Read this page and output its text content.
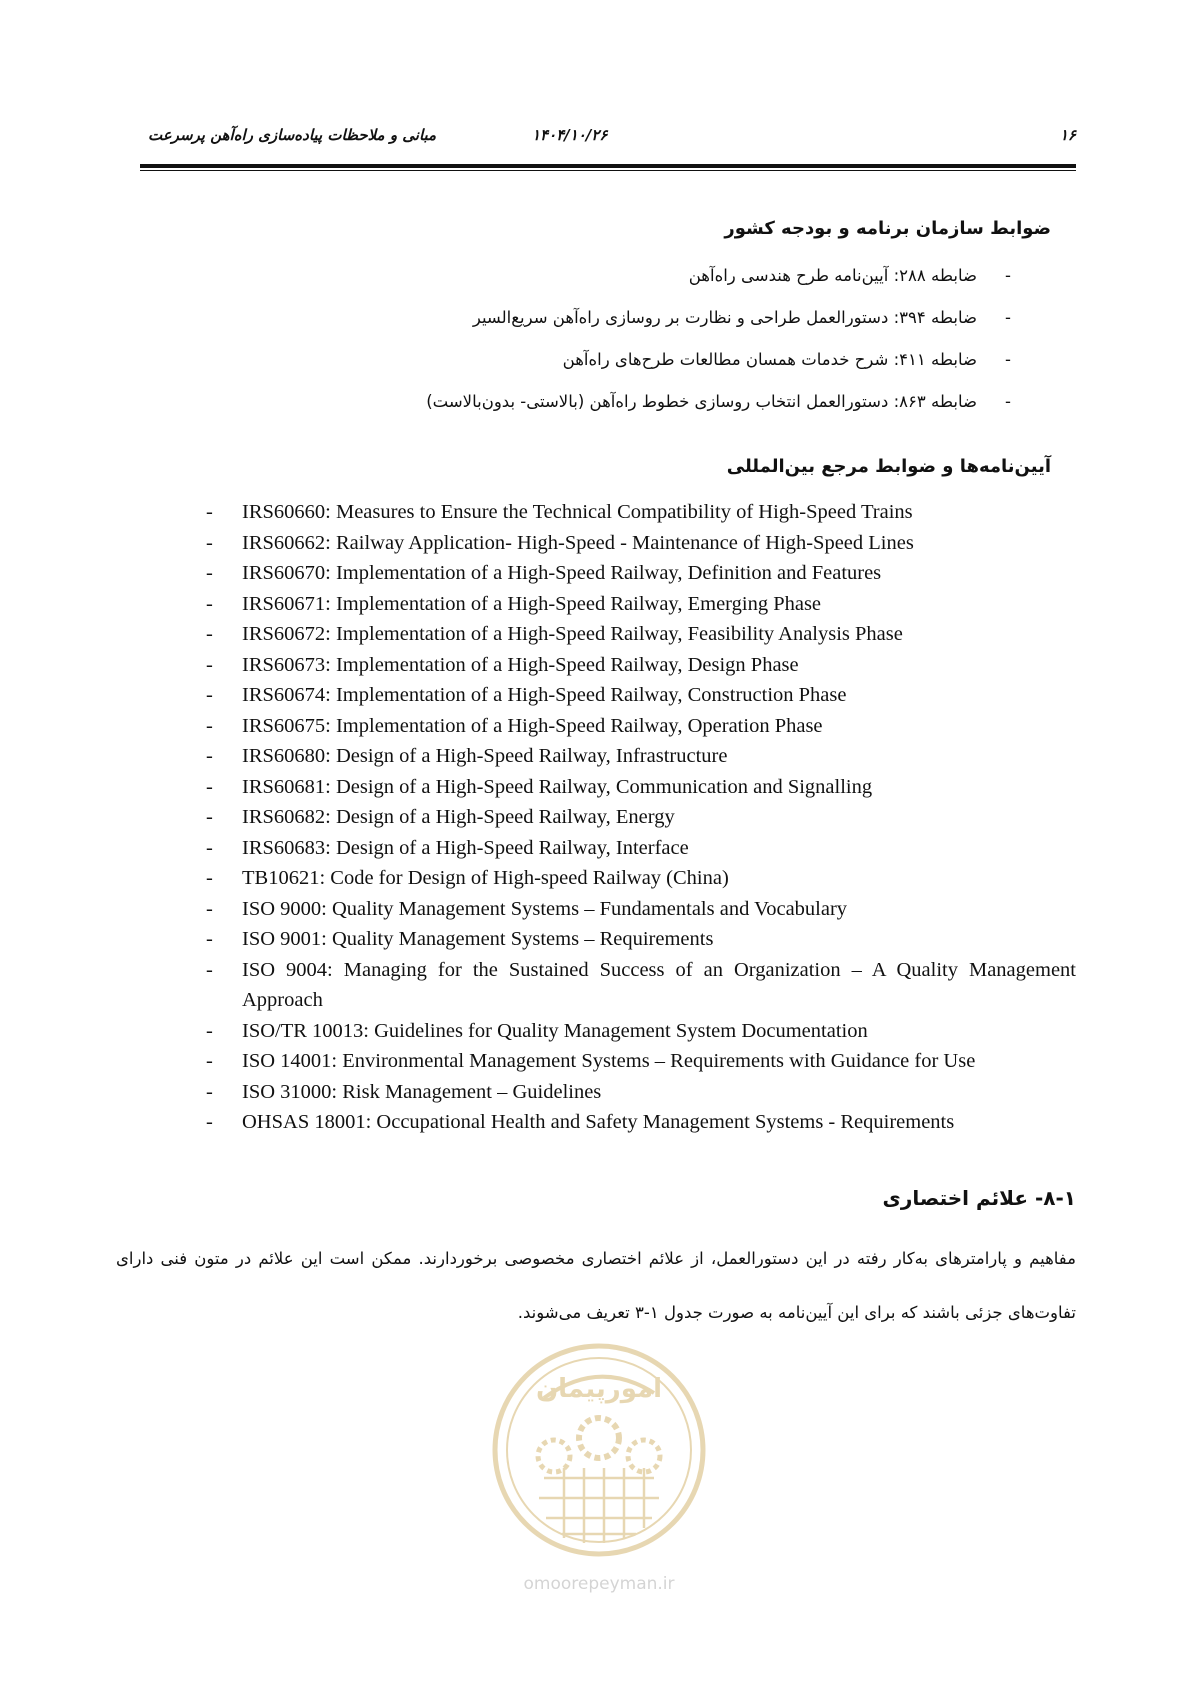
۱۶
۱۴۰۴/۱۰/۲۶
مبانی و ملاحظات پیاده‌سازی راه‌آهن پرسرعت
ضوابط سازمان برنامه و بودجه کشور
-ضابطه ۲۸۸: آیین‌نامه طرح هندسی راه‌آهن
-ضابطه ۳۹۴: دستورالعمل طراحی و نظارت بر روسازی راه‌آهن سریع‌السیر
-ضابطه ۴۱۱: شرح خدمات همسان مطالعات طرح‌های راه‌آهن
-ضابطه ۸۶۳: دستورالعمل انتخاب روسازی خطوط راه‌آهن (بالاستی- بدون‌بالاست)
آیین‌نامه‌ها و ضوابط مرجع بین‌المللی
-	IRS60660: Measures to Ensure the Technical Compatibility of High-Speed Trains
-	IRS60662: Railway Application- High-Speed - Maintenance of High-Speed Lines
-	IRS60670: Implementation of a High-Speed Railway, Definition and Features
-	IRS60671: Implementation of a High-Speed Railway, Emerging Phase
-	IRS60672: Implementation of a High-Speed Railway, Feasibility Analysis Phase
-	IRS60673: Implementation of a High-Speed Railway, Design Phase
-	IRS60674: Implementation of a High-Speed Railway, Construction Phase
-	IRS60675: Implementation of a High-Speed Railway, Operation Phase
-	IRS60680: Design of a High-Speed Railway, Infrastructure
-	IRS60681: Design of a High-Speed Railway, Communication and Signalling
-	IRS60682: Design of a High-Speed Railway, Energy
-	IRS60683: Design of a High-Speed Railway, Interface
-	TB10621: Code for Design of High-speed Railway (China)
-	ISO 9000: Quality Management Systems – Fundamentals and Vocabulary
-	ISO 9001: Quality Management Systems – Requirements
-	ISO 9004: Managing for the Sustained Success of an Organization – A Quality Management Approach
-	ISO/TR 10013: Guidelines for Quality Management System Documentation
-	ISO 14001: Environmental Management Systems – Requirements with Guidance for Use
-	ISO 31000: Risk Management – Guidelines
-	OHSAS 18001: Occupational Health and Safety Management Systems - Requirements
۸-۱- علائم اختصاری
مفاهیم و پارامترهای به‌کار رفته در این دستورالعمل، از علائم اختصاری مخصوصی برخوردارند. ممکن است این علائم در متون فنی دارای تفاوت‌های جزئی باشند که برای این آیین‌نامه به صورت جدول ۱-۳ تعریف می‌شوند.
امورپیمان
omoorepeyman.ir
